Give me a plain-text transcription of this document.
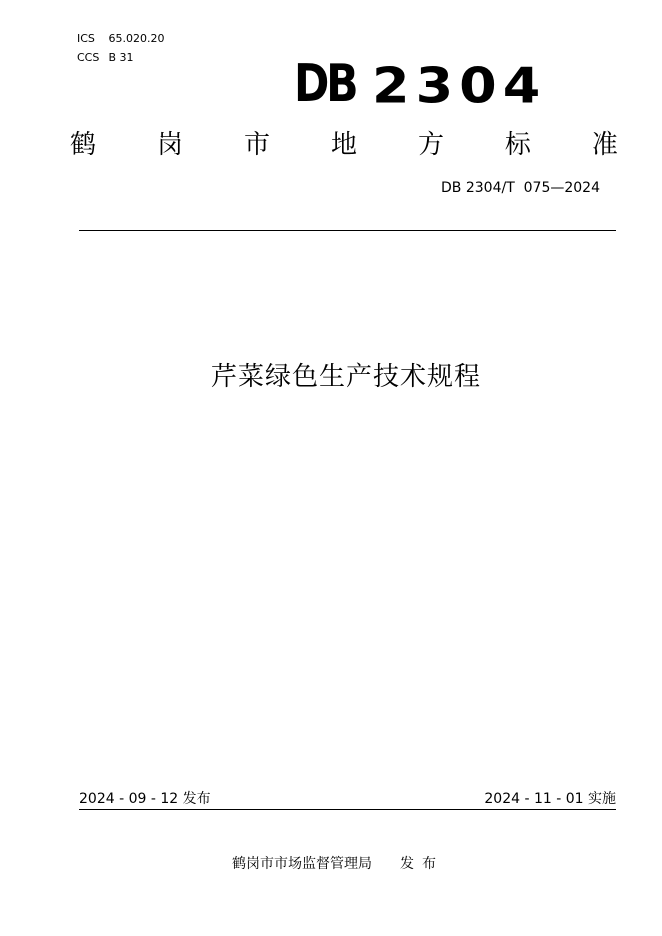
ICS 65.020.20
CCS B 31	DB 2304
鹤 岗 市 地 方 标 准
DB 2304/T  075—2024
芹菜绿色生产技术规程
2024 - 09 - 12 发布	2024 - 11 - 01 实施
鹤岗市市场监督管理局 发布
